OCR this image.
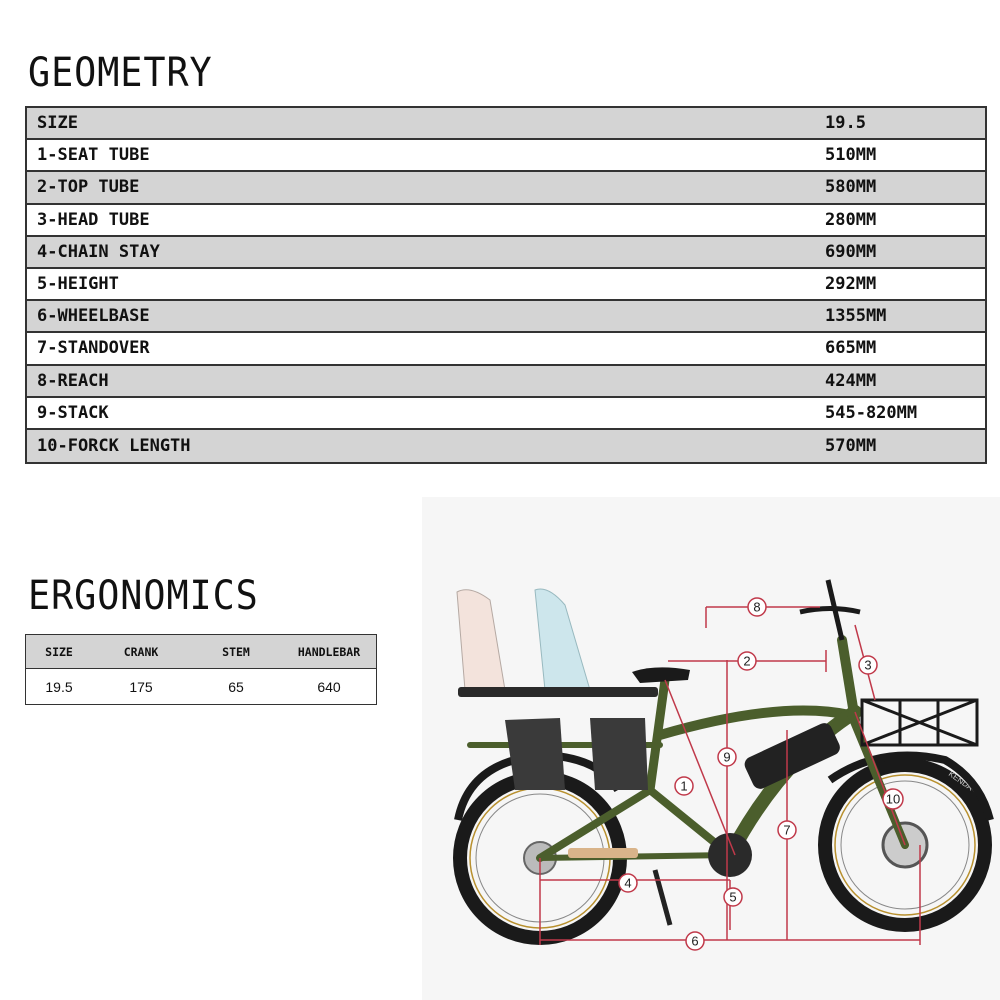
GEOMETRY
SIZE	19.5
1-SEAT TUBE	510MM
2-TOP TUBE	580MM
3-HEAD TUBE	280MM
4-CHAIN STAY	690MM
5-HEIGHT	292MM
6-WHEELBASE	1355MM
7-STANDOVER	665MM
8-REACH	424MM
9-STACK	545-820MM
10-FORCK LENGTH	570MM
ERGONOMICS
SIZE	CRANK	STEM	HANDLEBAR
19.5	175	65	640
KENDA
8
2	3
9
1
10
7
4
5
6
